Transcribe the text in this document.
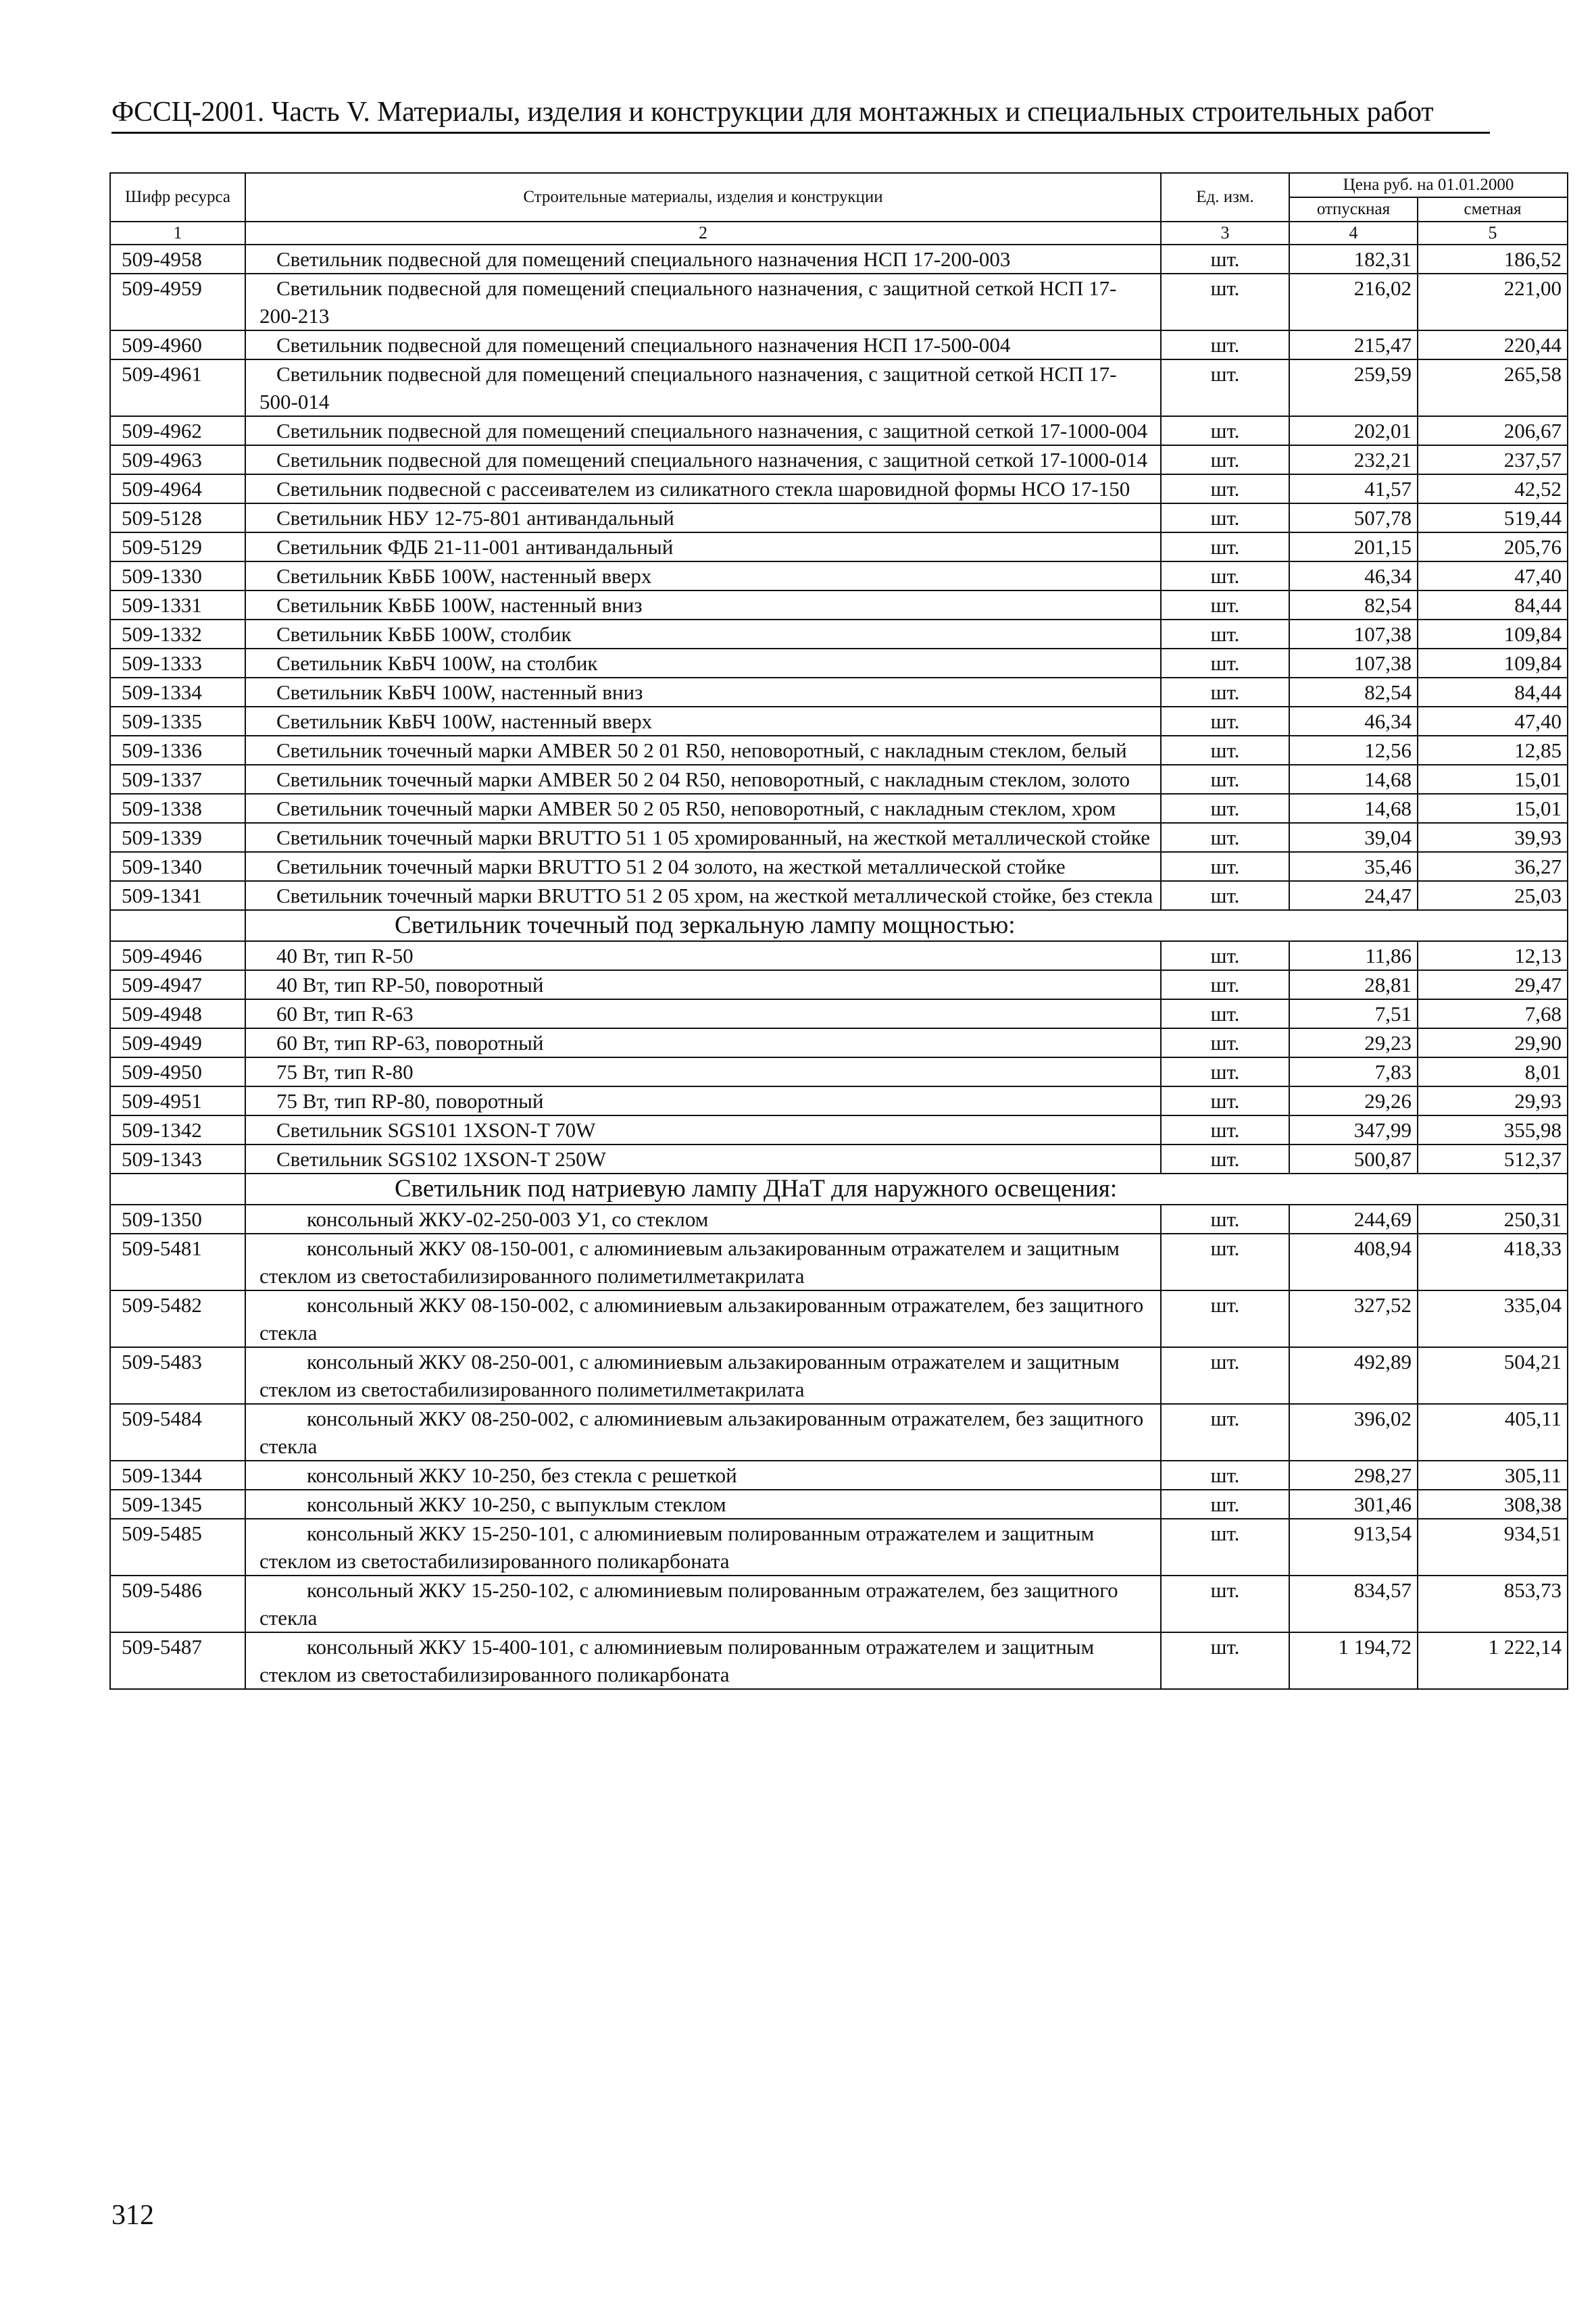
ФССЦ-2001. Часть V. Материалы, изделия и конструкции для монтажных и специальных строительных работ
Шифр ресурса	Строительные материалы, изделия и конструкции	Ед. изм.	Цена руб. на 01.01.2000	
			отпускная	сметная
1	2	3	4	5
509-4958	Светильник подвесной для помещений специального назначения НСП 17-200-003	шт.	182,31	186,52
509-4959	Светильник подвесной для помещений специального назначения, с защитной сеткой НСП 17-200-213	шт.	216,02	221,00
509-4960	Светильник подвесной для помещений специального назначения НСП 17-500-004	шт.	215,47	220,44
509-4961	Светильник подвесной для помещений специального назначения, с защитной сеткой НСП 17-500-014	шт.	259,59	265,58
509-4962	Светильник подвесной для помещений специального назначения, с защитной сеткой 17-1000-004	шт.	202,01	206,67
509-4963	Светильник подвесной для помещений специального назначения, с защитной сеткой 17-1000-014	шт.	232,21	237,57
509-4964	Светильник подвесной с рассеивателем из силикатного стекла шаровидной формы НСО 17-150	шт.	41,57	42,52
509-5128	Светильник НБУ 12-75-801 антивандальный	шт.	507,78	519,44
509-5129	Светильник ФДБ 21-11-001 антивандальный	шт.	201,15	205,76
509-1330	Светильник КвББ 100W, настенный вверх	шт.	46,34	47,40
509-1331	Светильник КвББ 100W, настенный вниз	шт.	82,54	84,44
509-1332	Светильник КвББ 100W, столбик	шт.	107,38	109,84
509-1333	Светильник КвБЧ 100W, на столбик	шт.	107,38	109,84
509-1334	Светильник КвБЧ 100W, настенный вниз	шт.	82,54	84,44
509-1335	Светильник КвБЧ 100W, настенный вверх	шт.	46,34	47,40
509-1336	Светильник точечный марки AMBER 50 2 01 R50, неповоротный, с накладным стеклом, белый	шт.	12,56	12,85
509-1337	Светильник точечный марки AMBER 50 2 04 R50, неповоротный, с накладным стеклом, золото	шт.	14,68	15,01
509-1338	Светильник точечный марки AMBER 50 2 05 R50, неповоротный, с накладным стеклом, хром	шт.	14,68	15,01
509-1339	Светильник точечный марки BRUTTO 51 1 05 хромированный, на жесткой металлической стойке	шт.	39,04	39,93
509-1340	Светильник точечный марки BRUTTO 51 2 04 золото, на жесткой металлической стойке	шт.	35,46	36,27
509-1341	Светильник точечный марки BRUTTO 51 2 05 хром, на жесткой металлической стойке, без стекла	шт.	24,47	25,03
	Светильник точечный под зеркальную лампу мощностью:			
509-4946	40 Вт, тип R-50	шт.	11,86	12,13
509-4947	40 Вт, тип RP-50, поворотный	шт.	28,81	29,47
509-4948	60 Вт, тип R-63	шт.	7,51	7,68
509-4949	60 Вт, тип RP-63, поворотный	шт.	29,23	29,90
509-4950	75 Вт, тип R-80	шт.	7,83	8,01
509-4951	75 Вт, тип RP-80, поворотный	шт.	29,26	29,93
509-1342	Светильник SGS101 1XSON-T 70W	шт.	347,99	355,98
509-1343	Светильник SGS102 1XSON-T 250W	шт.	500,87	512,37
	Светильник под натриевую лампу ДНаТ для наружного освещения:			
509-1350	консольный ЖКУ-02-250-003 У1, со стеклом	шт.	244,69	250,31
509-5481	консольный ЖКУ 08-150-001, с алюминиевым альзакированным отражателем и защитным стеклом из светостабилизированного полиметилметакрилата	шт.	408,94	418,33
509-5482	консольный ЖКУ 08-150-002, с алюминиевым альзакированным отражателем, без защитного стекла	шт.	327,52	335,04
509-5483	консольный ЖКУ 08-250-001, с алюминиевым альзакированным отражателем и защитным стеклом из светостабилизированного полиметилметакрилата	шт.	492,89	504,21
509-5484	консольный ЖКУ 08-250-002, с алюминиевым альзакированным отражателем, без защитного стекла	шт.	396,02	405,11
509-1344	консольный ЖКУ 10-250, без стекла с решеткой	шт.	298,27	305,11
509-1345	консольный ЖКУ 10-250, с выпуклым стеклом	шт.	301,46	308,38
509-5485	консольный ЖКУ 15-250-101, с алюминиевым полированным отражателем и защитным стеклом из светостабилизированного поликарбоната	шт.	913,54	934,51
509-5486	консольный ЖКУ 15-250-102, с алюминиевым полированным отражателем, без защитного стекла	шт.	834,57	853,73
509-5487	консольный ЖКУ 15-400-101, с алюминиевым полированным отражателем и защитным стеклом из светостабилизированного поликарбоната	шт.	1 194,72	1 222,14
312
